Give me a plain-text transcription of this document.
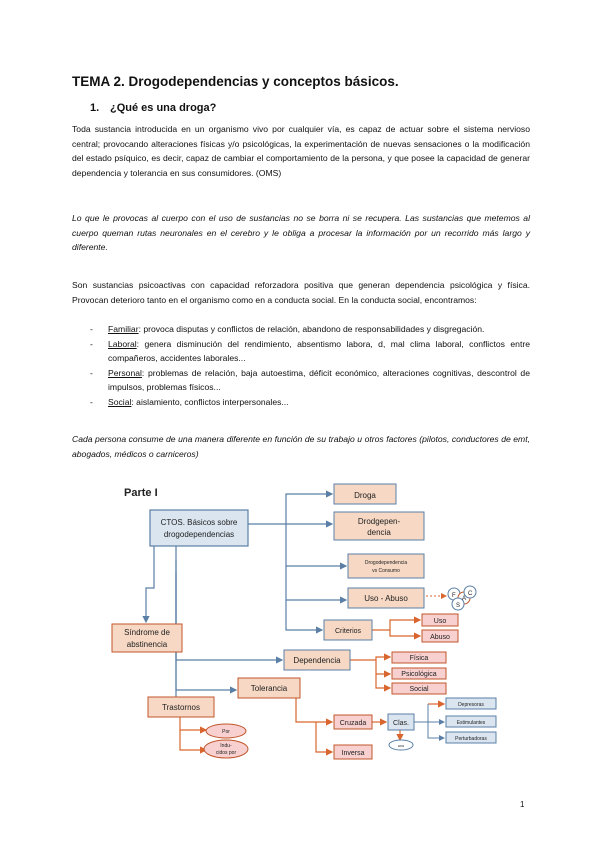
TEMA 2. Drogodependencias y conceptos básicos.
1. ¿Qué es una droga?

Toda sustancia introducida en un organismo vivo por cualquier vía, es capaz de actuar sobre el sistema nervioso central; provocando alteraciones físicas y/o psicológicas, la experimentación de nuevas sensaciones o la modificación del estado psíquico, es decir, capaz de cambiar el comportamiento de la persona, y que posee la capacidad de generar dependencia y tolerancia en sus consumidores. (OMS)

Lo que le provocas al cuerpo con el uso de sustancias no se borra ni se recupera. Las sustancias que metemos al cuerpo queman rutas neuronales en el cerebro y le obliga a procesar la información por un recorrido más largo y diferente.

Son sustancias psicoactivas con capacidad reforzadora positiva que generan dependencia psicológica y física. Provocan deterioro tanto en el organismo como en a conducta social. En la conducta social, encontramos:

- Familiar: provoca disputas y conflictos de relación, abandono de responsabilidades y disgregación.
- Laboral: genera disminución del rendimiento, absentismo labora, d, mal clima laboral, conflictos entre compañeros, accidentes laborales...
- Personal: problemas de relación, baja autoestima, déficit económico, alteraciones cognitivas, descontrol de impulsos, problemas físicos...
- Social: aislamiento, conflictos interpersonales...

Cada persona consume de una manera diferente en función de su trabajo u otros factores (pilotos, conductores de emt, abogados, médicos o carniceros)

Parte I
CTOS. Básicos sobre
drogodependencias
Droga
Drodgepen-
dencia
Drogodependencia
vs Consumo
Uso - Abuso	F A
C
S
Criterios
Uso
Abuso
Síndrome de
abstinencia
Dependencia	Física
Psicológica
Social
Tolerancia
Trastornos
Por
Indu-
cidos por
Cruzada	Clas.
ovo
Depresoras
Estimulantes
Perturbadoras
Inversa
1
